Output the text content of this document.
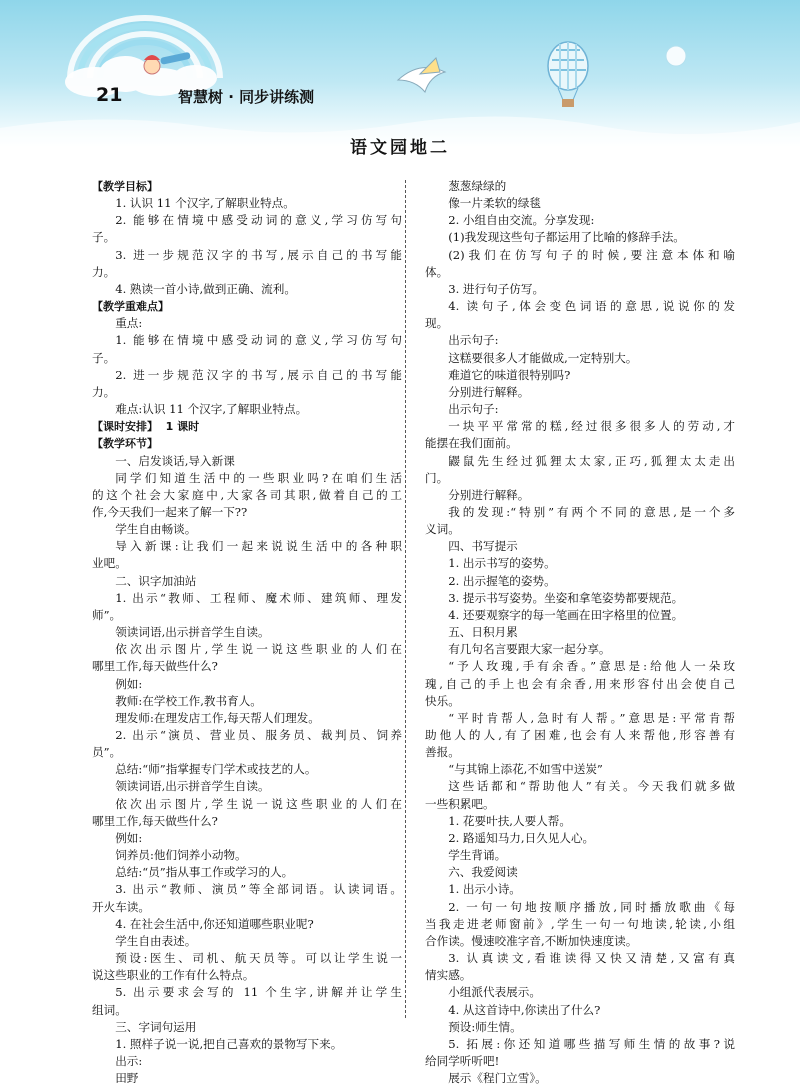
21	智慧树 · 同步讲练测
语文园地二
【教学目标】
1. 认识 11 个汉字,了解职业特点。
2. 能够在情境中感受动词的意义,学习仿写句
子。
3. 进一步规范汉字的书写,展示自己的书写能
力。
4. 熟读一首小诗,做到正确、流利。
【教学重难点】
重点:
1. 能够在情境中感受动词的意义,学习仿写句
子。
2. 进一步规范汉字的书写,展示自己的书写能
力。
难点:认识 11 个汉字,了解职业特点。
【课时安排】  1 课时
【教学环节】
一、启发谈话,导入新课
同学们知道生活中的一些职业吗?在咱们生活
的这个社会大家庭中,大家各司其职,做着自己的工
作,今天我们一起来了解一下??
学生自由畅谈。
导入新课:让我们一起来说说生活中的各种职
业吧。
二、识字加油站
1. 出示“教师、工程师、魔术师、建筑师、理发
师”。
领读词语,出示拼音学生自读。
依次出示图片,学生说一说这些职业的人们在
哪里工作,每天做些什么?
例如:
教师:在学校工作,教书育人。
理发师:在理发店工作,每天帮人们理发。
2. 出示“演员、营业员、服务员、裁判员、饲养
员”。
总结:“师”指掌握专门学术或技艺的人。
领读词语,出示拼音学生自读。
依次出示图片,学生说一说这些职业的人们在
哪里工作,每天做些什么?
例如:
饲养员:他们饲养小动物。
总结:“员”指从事工作或学习的人。
3. 出示“教师、演员”等全部词语。认读词语。
开火车读。
4. 在社会生活中,你还知道哪些职业呢?
学生自由表述。
预设:医生、司机、航天员等。可以让学生说一
说这些职业的工作有什么特点。
5. 出示要求会写的 11 个生字,讲解并让学生
组词。
三、字词句运用
1. 照样子说一说,把自己喜欢的景物写下来。
出示:
田野
葱葱绿绿的
像一片柔软的绿毯
2. 小组自由交流。分享发现:
(1)我发现这些句子都运用了比喻的修辞手法。
(2)我们在仿写句子的时候,要注意本体和喻
体。
3. 进行句子仿写。
4. 读句子,体会变色词语的意思,说说你的发
现。
出示句子:
这糕要很多人才能做成,一定特别大。
难道它的味道很特别吗?
分别进行解释。
出示句子:
一块平平常常的糕,经过很多很多人的劳动,才
能摆在我们面前。
鼹鼠先生经过狐狸太太家,正巧,狐狸太太走出
门。
分别进行解释。
我的发现:“特别”有两个不同的意思,是一个多
义词。
四、书写提示
1. 出示书写的姿势。
2. 出示握笔的姿势。
3. 提示书写姿势。坐姿和拿笔姿势都要规范。
4. 还要观察字的每一笔画在田字格里的位置。
五、日积月累
有几句名言要跟大家一起分享。
“予人玫瑰,手有余香。”意思是:给他人一朵玫
瑰,自己的手上也会有余香,用来形容付出会使自己
快乐。
“平时肯帮人,急时有人帮。”意思是:平常肯帮
助他人的人,有了困难,也会有人来帮他,形容善有
善报。
“与其锦上添花,不如雪中送炭”
这些话都和“帮助他人”有关。今天我们就多做
一些积累吧。
1. 花要叶扶,人要人帮。
2. 路遥知马力,日久见人心。
学生背诵。
六、我爱阅读
1. 出示小诗。
2. 一句一句地按顺序播放,同时播放歌曲《每
当我走进老师窗前》,学生一句一句地读,轮读,小组
合作读。慢速咬准字音,不断加快速度读。
3. 认真读文,看谁读得又快又清楚,又富有真
情实感。
小组派代表展示。
4. 从这首诗中,你读出了什么?
预设:师生情。
5. 拓展:你还知道哪些描写师生情的故事?说
给同学听听吧!
展示《程门立雪》。
